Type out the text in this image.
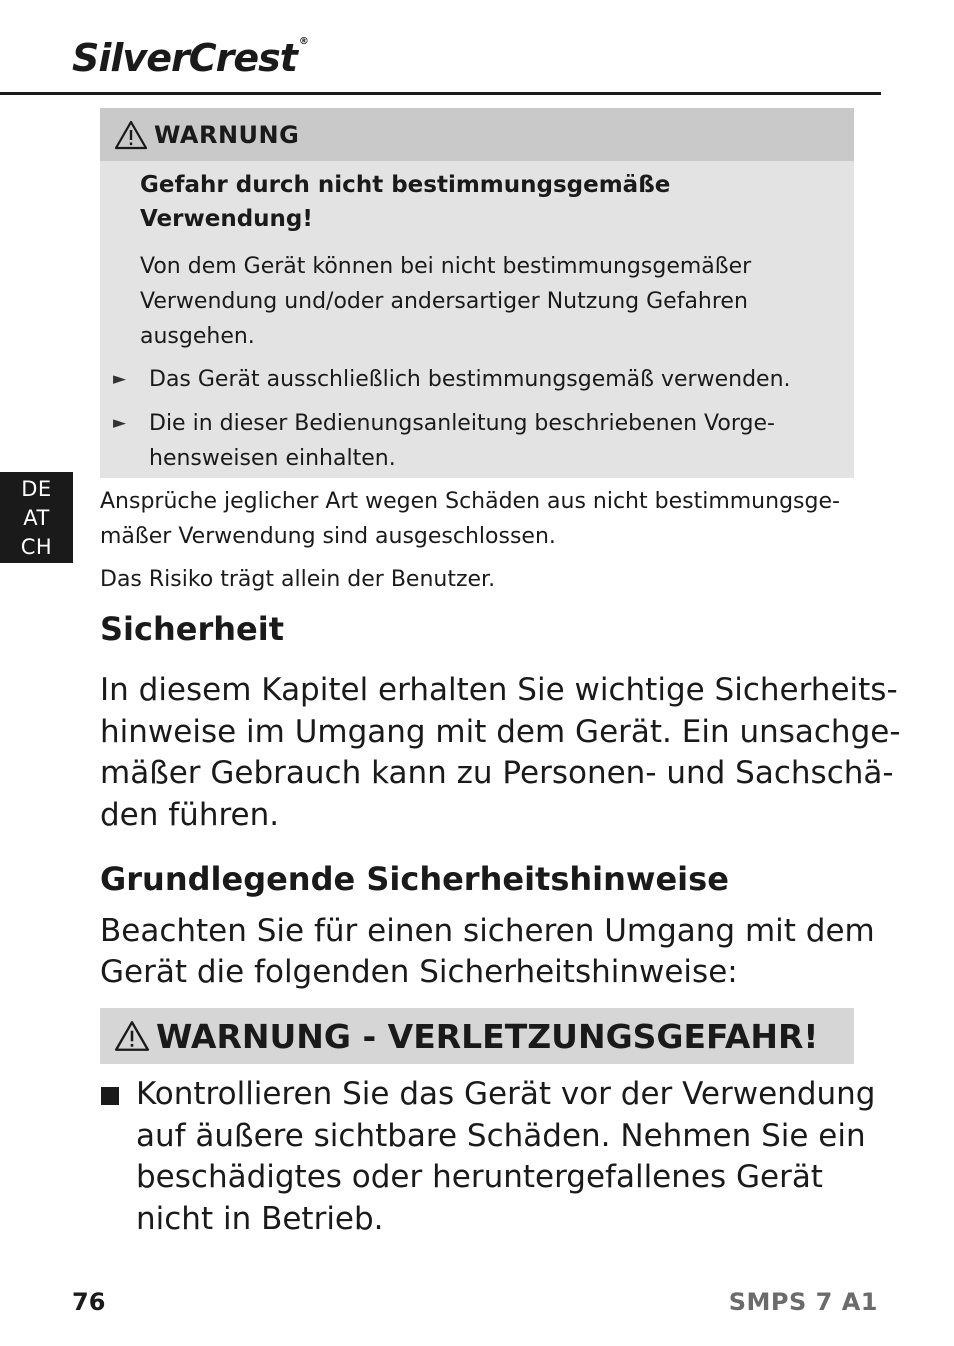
SilverCrest ®
DE
AT
CH
WARNUNG
Gefahr durch nicht bestimmungsgemäße
Verwendung!
Von dem Gerät können bei nicht bestimmungsgemäßer
Verwendung und/oder andersartiger Nutzung Gefahren
ausgehen.
► Das Gerät ausschließlich bestimmungsgemäß verwenden.
► Die in dieser Bedienungsanleitung beschriebenen Vorge-
hensweisen einhalten.
Ansprüche jeglicher Art wegen Schäden aus nicht bestimmungsge-
mäßer Verwendung sind ausgeschlossen.
Das Risiko trägt allein der Benutzer.
Sicherheit
In diesem Kapitel erhalten Sie wichtige Sicherheits-
hinweise im Umgang mit dem Gerät. Ein unsachge-
mäßer Gebrauch kann zu Personen- und Sachschä-
den führen.
Grundlegende Sicherheitshinweise
Beachten Sie für einen sicheren Umgang mit dem
Gerät die folgenden Sicherheitshinweise:
WARNUNG - VERLETZUNGSGEFAHR!
Kontrollieren Sie das Gerät vor der Verwendung
auf äußere sichtbare Schäden. Nehmen Sie ein
beschädigtes oder heruntergefallenes Gerät
nicht in Betrieb.
76	SMPS 7 A1
